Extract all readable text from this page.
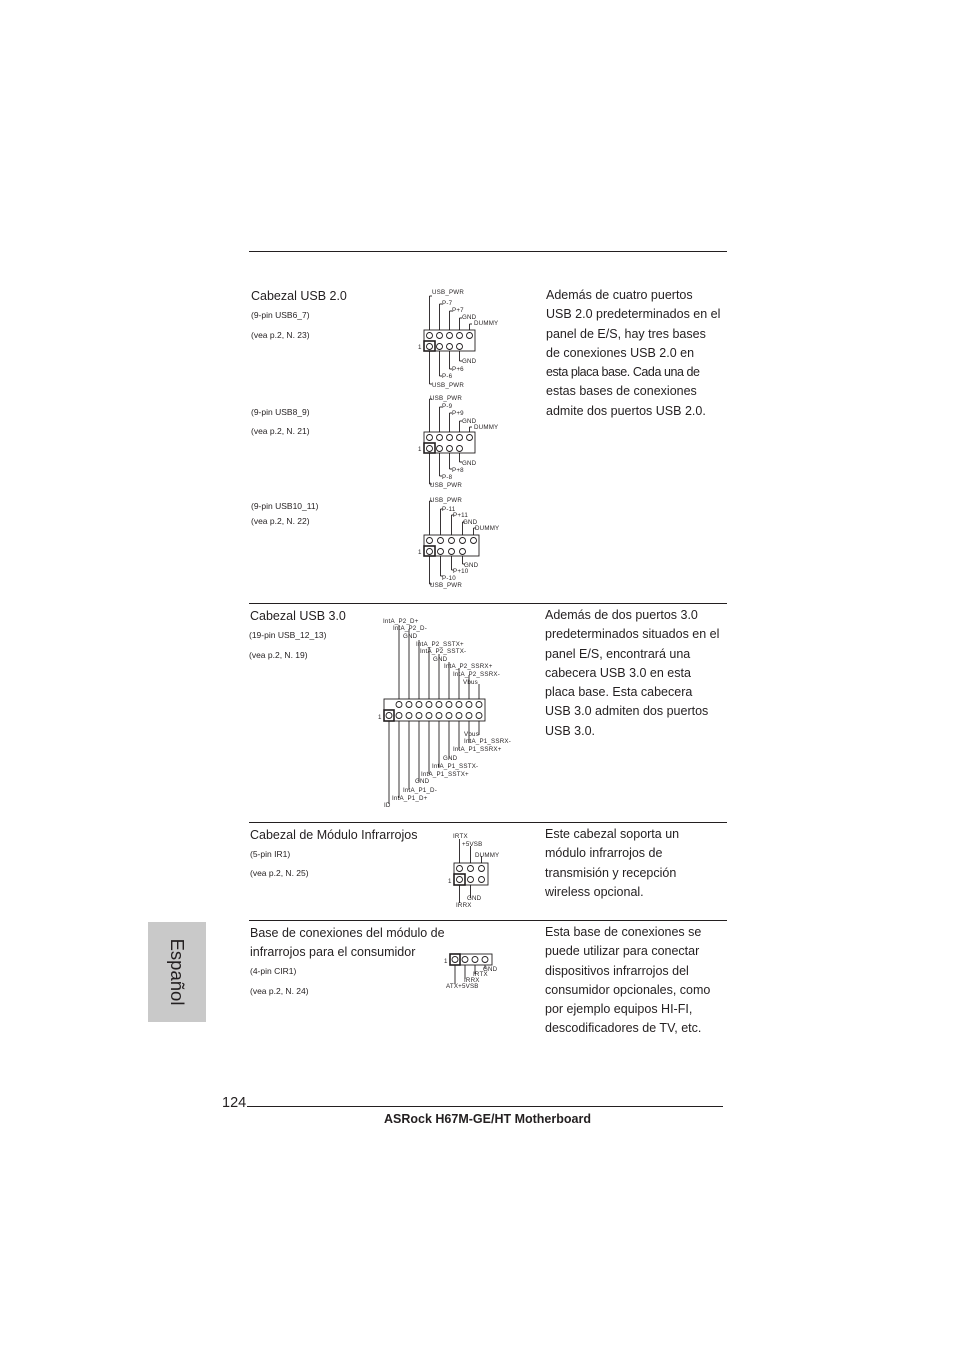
Cabezal USB 2.0
(9-pin USB6_7)
(vea p.2, N. 23)
(9-pin USB8_9)
(vea p.2, N. 21)
(9-pin USB10_11)
(vea p.2, N. 22)
Además de cuatro puertos
USB 2.0 predeterminados en el
panel de E/S, hay tres bases
de conexiones USB 2.0 en
esta placa base. Cada una de
estas bases de conexiones
admite dos puertos USB 2.0.
1
USB_PWR
P-7
P+7
GND
DUMMY
GND
P+6
P-6
USB_PWR
1
USB_PWR
P-9
P+9
GND
DUMMY
GND
P+8
P-8
USB_PWR
1
USB_PWR
P-11
P+11
GND
DUMMY
GND
P+10
P-10
USB_PWR
Cabezal USB 3.0
(19-pin USB_12_13)
(vea p.2, N. 19)
Además de dos puertos 3.0
predeterminados situados en el
panel E/S, encontrará una
cabecera USB 3.0 en esta
placa base. Esta cabecera
USB 3.0 admiten dos puertos
USB 3.0.
1
IntA_P2_D+
IntA_P2_D-
GND
IntA_P2_SSTX+
IntA_P2_SSTX-
GND
IntA_P2_SSRX+
IntA_P2_SSRX-
Vbus
Vbus
IntA_P1_SSRX-
IntA_P1_SSRX+
GND
IntA_P1_SSTX-
IntA_P1_SSTX+
GND
IntA_P1_D-
IntA_P1_D+
ID
Cabezal de Módulo Infrarrojos
(5-pin IR1)
(vea p.2, N. 25)
Este cabezal soporta un
módulo infrarrojos de
transmisión y recepción
wireless opcional.
1
IRTX
+5VSB
DUMMY
GND
IRRX
Base de conexiones del módulo de
infrarrojos para el consumidor
(4-pin CIR1)
(vea p.2, N. 24)
Esta base de conexiones se
puede utilizar para conectar
dispositivos infrarrojos del
consumidor opcionales, como
por ejemplo equipos HI-FI,
descodificadores de TV, etc.
1
GND
IRTX
IRRX
ATX+5VSB
Español
124
ASRock H67M-GE/HT Motherboard
